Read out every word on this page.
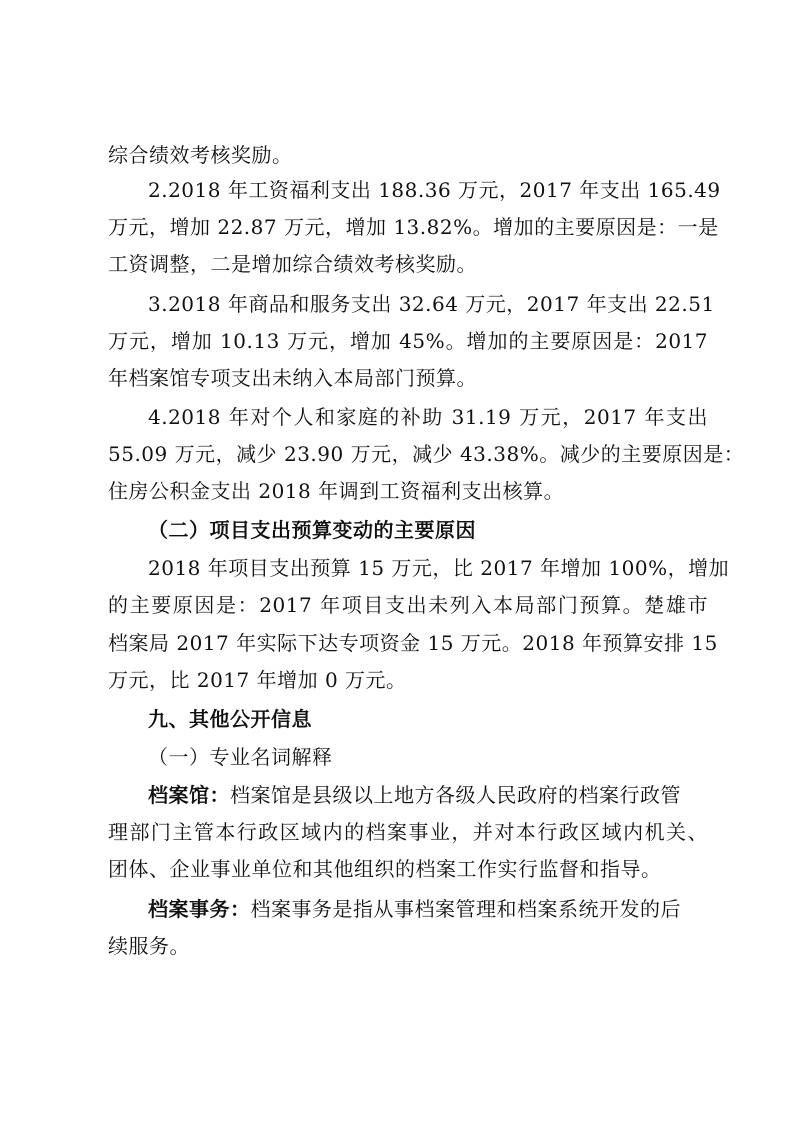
综合绩效考核奖励。
2.2018 年工资福利支出 188.36 万元，2017 年支出 165.49
万元，增加 22.87 万元，增加 13.82%。增加的主要原因是：一是
工资调整，二是增加综合绩效考核奖励。
3.2018 年商品和服务支出 32.64 万元，2017 年支出 22.51
万元，增加 10.13 万元，增加 45%。增加的主要原因是：2017
年档案馆专项支出未纳入本局部门预算。
4.2018 年对个人和家庭的补助 31.19 万元，2017 年支出
55.09 万元，减少 23.90 万元，减少 43.38%。减少的主要原因是：
住房公积金支出 2018 年调到工资福利支出核算。
（二）项目支出预算变动的主要原因
2018 年项目支出预算 15 万元，比 2017 年增加 100%，增加
的主要原因是：2017 年项目支出未列入本局部门预算。楚雄市
档案局 2017 年实际下达专项资金 15 万元。2018 年预算安排 15
万元，比 2017 年增加 0 万元。
九、其他公开信息
（一）专业名词解释
档案馆：档案馆是县级以上地方各级人民政府的档案行政管
理部门主管本行政区域内的档案事业，并对本行政区域内机关、
团体、企业事业单位和其他组织的档案工作实行监督和指导。
档案事务：档案事务是指从事档案管理和档案系统开发的后
续服务。
